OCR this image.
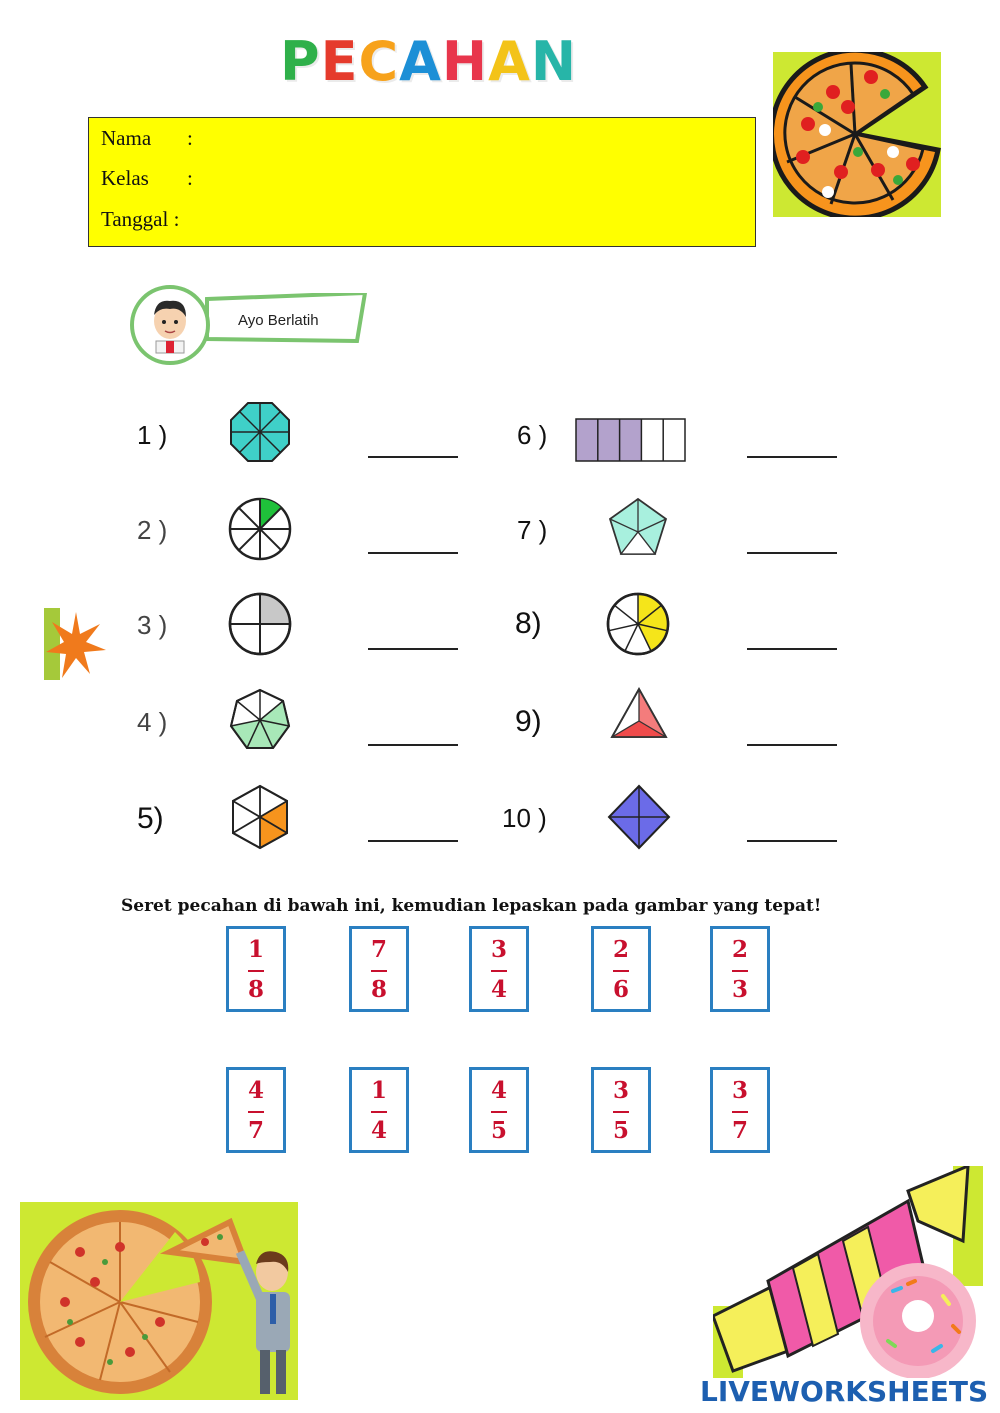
PECAHAN
Nama :
Kelas :
Tanggal :
Ayo Berlatih
1 )
2 )
3 )
4 )
5)
6 )
7 )
8)
9)
10 )
Seret pecahan di bawah ini, kemudian lepaskan pada gambar yang tepat!
1
8
7
8
3
4
2
6
2
3
4
7
1
4
4
5
3
5
3
7
LIVEWORKSHEETS
